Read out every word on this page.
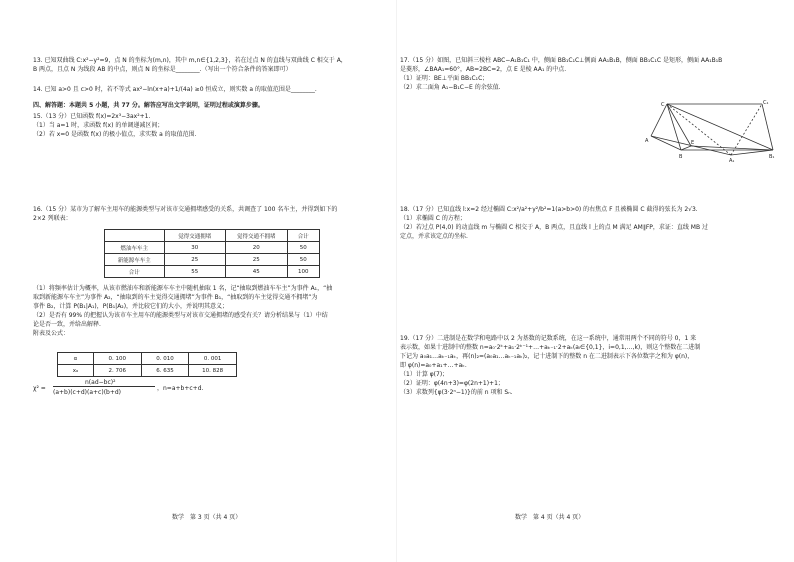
13. 已知双曲线 C:x²−y²=9，点 N 的坐标为(m,n)，其中 m,n∈{1,2,3}，若在过点 N 的直线与双曲线 C 相交于 A，
B 两点，且点 N 为线段 AB 的中点，则点 N 的坐标是________.（写出一个符合条件的答案即可）
14. 已知 a>0 且 c>0 时，若不等式 ax²−ln(x+a)+1/(4a) ≥0 恒成立，则实数 a 的取值范围是________.
四、解答题：本题共 5 小题，共 77 分。解答应写出文字说明，证明过程或演算步骤。
15.（13 分）已知函数 f(x)=2x³−3ax²+1.
（1）当 a=1 时，求函数 f(x) 的单调递减区间；
（2）若 x=0 是函数 f(x) 的极小值点，求实数 a 的取值范围.
16.（15 分）某市为了解车主用车的能源类型与对该市交通拥堵感受的关系，共调查了 100 名车主，并得到如下的
2×2 列联表：
	觉得交通拥堵	觉得交通不拥堵	合计
燃油车车主	30	20	50
新能源车车主	25	25	50
合计	55	45	100
（1）将频率估计为概率，从该市燃油车和新能源车车主中随机抽取 1 名，记“抽取到燃油车车主”为事件 A₁，“抽
取到新能源车车主”为事件 A₂，“抽取到的车主觉得交通拥堵”为事件 B₁，“抽取到的车主觉得交通不拥堵”为
事件 B₂，计算 P(B₁|A₁)，P(B₁|A₂)，并比较它们的大小，并说明其意义；
（2）是否有 99% 的把握认为该市车主用车的能源类型与对该市交通拥堵的感受有关？请分析结果与（1）中结
论是否一致，并给出解释.
附表及公式：
α	0. 100	0. 010	0. 001
xₐ	2. 706	6. 635	10. 828
χ² =
n(ad−bc)²
(a+b)(c+d)(a+c)(b+d)
，n=a+b+c+d.
数学　第 3 页（共 4 页）
17.（15 分）如图，已知斜三棱柱 ABC−A₁B₁C₁ 中，侧面 BB₁C₁C⊥侧面 AA₁B₁B，侧面 BB₁C₁C 是矩形，侧面 AA₁B₁B
是菱形，∠BAA₁=60°，AB=2BC=2，点 E 是棱 AA₁ 的中点.
（1）证明：BE⊥平面 BB₁C₁C；
（2）求二面角 A₁−B₁C−E 的余弦值.
C	C₁
B	B₁
A	E
A₁
18.（17 分）已知直线 l:x=2 经过椭圆 C:x²/a²+y²/b²=1(a>b>0) 的右焦点 F 且被椭圆 C 截得的弦长为 2√3.
（1）求椭圆 C 的方程；
（2）若过点 P(4,0) 的动直线 m 与椭圆 C 相交于 A，B 两点，且直线 l 上的点 M 满足 AM∥FP，求证：直线 MB 过
定点，并求该定点的坐标.
19.（17 分）二进制是在数学和电路中以 2 为基数的记数系统，在这一系统中，通常用两个不同的符号 0，1 来
表示数，如果十进制中的整数 n=a₀·2ᵏ+a₁·2ᵏ⁻¹+…+aₖ₋₁·2+aₖ(aᵢ∈{0,1}，i=0,1,…,k)，则这个整数在二进制
下记为 a₀a₁…aₖ₋₁aₖ，再(n)₂=(a₀a₁…aₖ₋₁aₖ)₂，记十进制下的整数 n 在二进制表示下各位数字之和为 φ(n)，
即 φ(n)=a₀+a₁+…+aₖ.
（1）计算 φ(7)；
（2）证明：φ(4n+3)=φ(2n+1)+1；
（3）求数列{φ(3·2ⁿ−1)}的前 n 项和 Sₙ.
数学　第 4 页（共 4 页）
